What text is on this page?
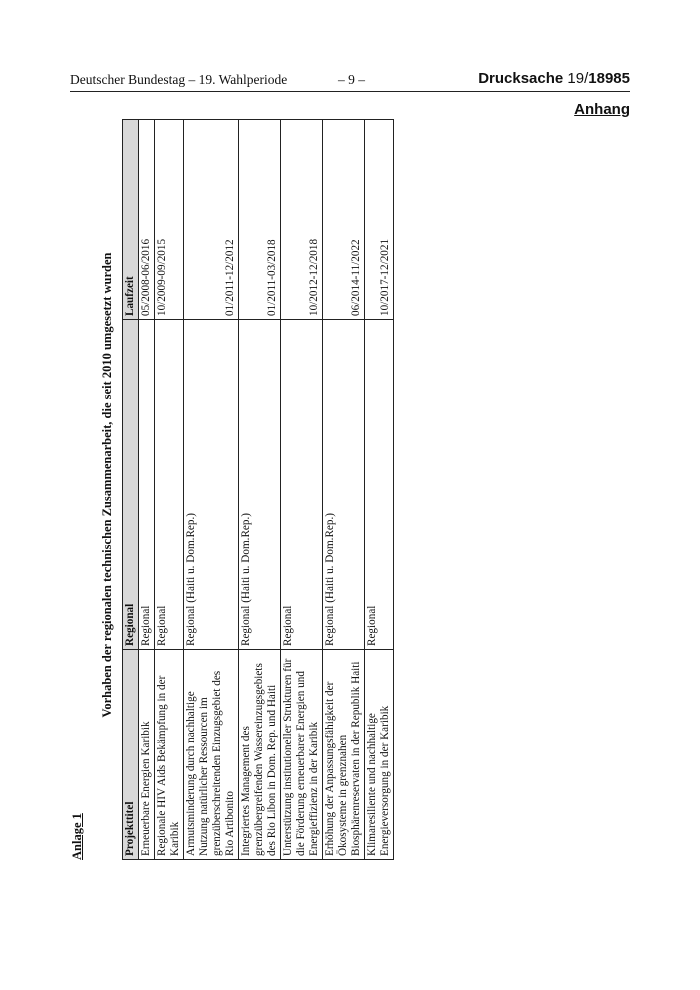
Deutscher Bundestag – 19. Wahlperiode	– 9 –	Drucksache 19/18985
Anhang
Anlage 1
Vorhaben der regionalen technischen Zusammenarbeit, die seit 2010 umgesetzt wurden
Projekttitel	Regional	Laufzeit
Erneuerbare Energien Karibik	Regional	05/2008-06/2016
Regionale HIV Aids Bekämpfung in der Karibik	Regional	10/2009-09/2015
Armutsminderung durch nachhaltige Nutzung natürlicher Ressourcen im grenzüberschreitenden Einzugsgebiet des Rio Artibonito	Regional (Haiti u. Dom.Rep.)	01/2011-12/2012
Integriertes Management des grenzübergreifenden Wassereinzugsgebiets des Rio Libon in Dom. Rep. und Haiti	Regional (Haiti u. Dom.Rep.)	01/2011-03/2018
Unterstützung institutioneller Strukturen für die Förderung erneuerbarer Energien und Energieffizienz in der Karibik	Regional	10/2012-12/2018
Erhöhung der Anpassungsfähigkeit der Ökosysteme in grenznahen Biosphärenreservaten in der Republik Haiti	Regional (Haiti u. Dom.Rep.)	06/2014-11/2022
Klimaresiliente und nachhaltige Energieversorgung in der Karibik	Regional	10/2017-12/2021
